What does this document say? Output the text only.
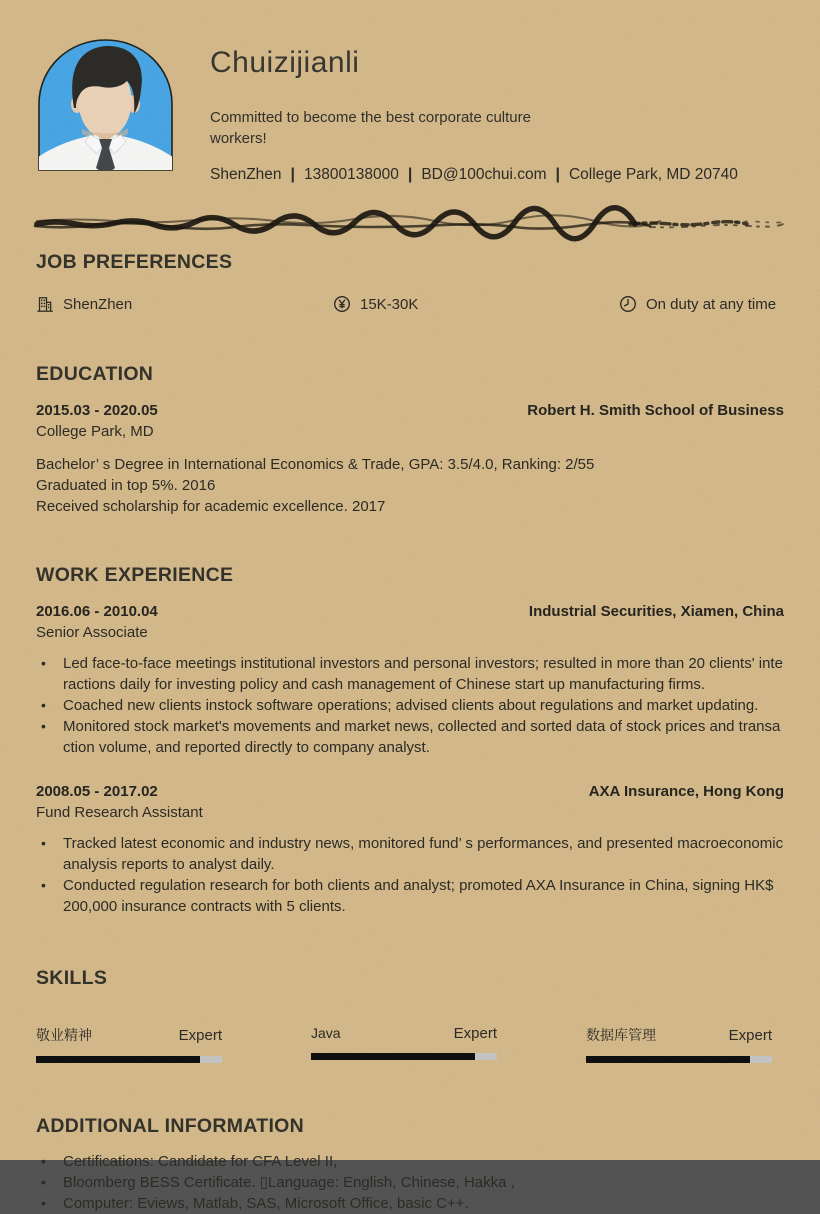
Chuizijianli
Committed to become the best corporate culture workers!
ShenZhen | 13800138000 | BD@100chui.com | College Park, MD 20740
JOB PREFERENCES
ShenZhen	15K-30K	On duty at any time
EDUCATION
2015.03 - 2020.05	Robert H. Smith School of Business
College Park, MD
Bachelor’ s Degree in International Economics & Trade, GPA: 3.5/4.0, Ranking: 2/55
Graduated in top 5%. 2016
Received scholarship for academic excellence. 2017
WORK EXPERIENCE
2016.06 - 2010.04	Industrial Securities, Xiamen, China
Senior Associate
•	Led face-to-face meetings institutional investors and personal investors; resulted in more than 20 clients' interactions daily for investing policy and cash management of Chinese start up manufacturing firms.
•	Coached new clients instock software operations; advised clients about regulations and market updating.
•	Monitored stock market's movements and market news, collected and sorted data of stock prices and transaction volume, and reported directly to company analyst.
2008.05 - 2017.02	AXA Insurance, Hong Kong
Fund Research Assistant
•	Tracked latest economic and industry news, monitored fund’ s performances, and presented macroeconomic analysis reports to analyst daily.
•	Conducted regulation research for both clients and analyst; promoted AXA Insurance in China, signing HK$ 200,000 insurance contracts with 5 clients.
SKILLS
敬业精神	Expert	Java	Expert	数据库管理	Expert
ADDITIONAL INFORMATION
•	Certifications: Candidate for CFA Level II,
•	Bloomberg BESS Certificate. ▯Language: English, Chinese, Hakka ,
•	Computer: Eviews, Matlab, SAS, Microsoft Office, basic C++.
